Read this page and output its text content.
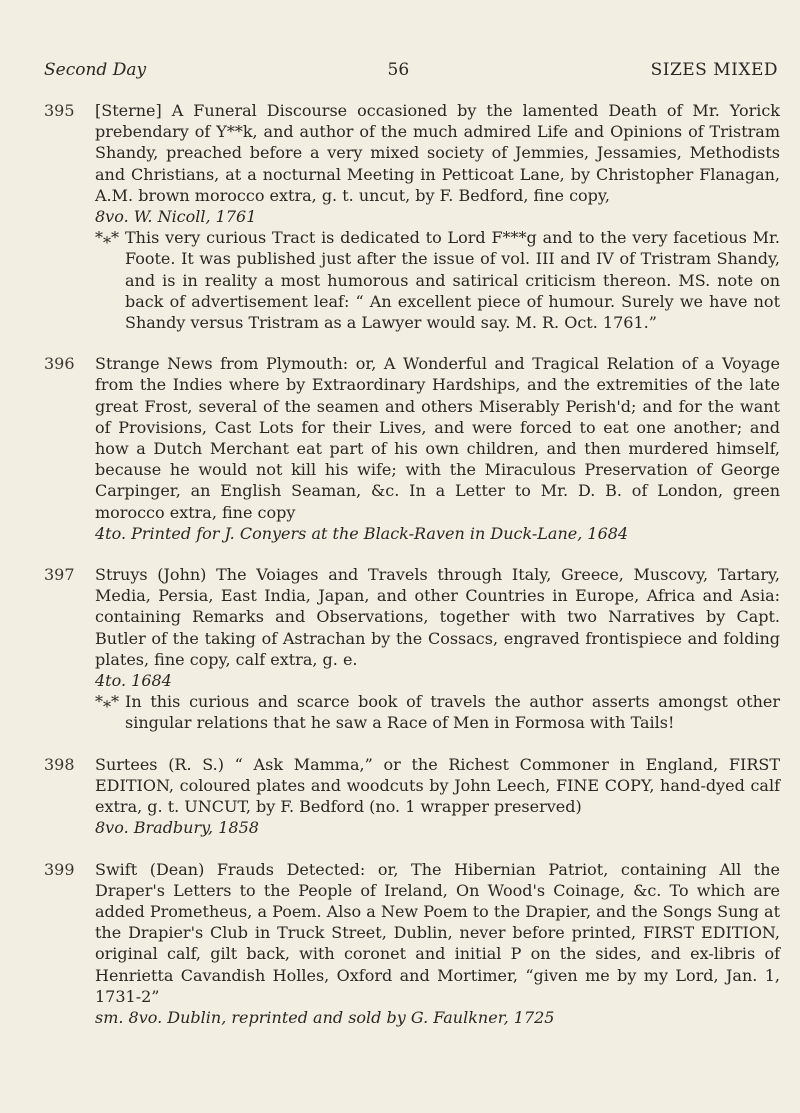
Second Day	56	SIZES MIXED
395	[Sterne] A Funeral Discourse occasioned by the lamented Death of Mr. Yorick prebendary of Y**k, and author of the much admired Life and Opinions of Tristram Shandy, preached before a very mixed society of Jemmies, Jessamies, Methodists and Christians, at a nocturnal Meeting in Petticoat Lane, by Christopher Flanagan, A.M. brown morocco extra, g. t. uncut, by F. Bedford, fine copy,

8vo. W. Nicoll, 1761

*⁎* This very curious Tract is dedicated to Lord F***g and to the very facetious Mr. Foote. It was published just after the issue of vol. III and IV of Tristram Shandy, and is in reality a most humorous and satirical criticism thereon. MS. note on back of advertisement leaf: “ An excellent piece of humour. Surely we have not Shandy versus Tristram as a Lawyer would say. M. R. Oct. 1761.”

396	Strange News from Plymouth: or, A Wonderful and Tragical Relation of a Voyage from the Indies where by Extraordinary Hardships, and the extremities of the late great Frost, several of the seamen and others Miserably Perish'd; and for the want of Provisions, Cast Lots for their Lives, and were forced to eat one another; and how a Dutch Merchant eat part of his own children, and then murdered himself, because he would not kill his wife; with the Miraculous Preservation of George Carpinger, an English Seaman, &c. In a Letter to Mr. D. B. of London, green morocco extra, fine copy

4to. Printed for J. Conyers at the Black-Raven in Duck-Lane, 1684

397	Struys (John) The Voiages and Travels through Italy, Greece, Muscovy, Tartary, Media, Persia, East India, Japan, and other Countries in Europe, Africa and Asia: containing Remarks and Observations, together with two Narratives by Capt. Butler of the taking of Astrachan by the Cossacs, engraved frontispiece and folding plates, fine copy, calf extra, g. e.

4to. 1684

*⁎* In this curious and scarce book of travels the author asserts amongst other singular relations that he saw a Race of Men in Formosa with Tails!

398	Surtees (R. S.) “ Ask Mamma,” or the Richest Commoner in England, FIRST EDITION, coloured plates and woodcuts by John Leech, FINE COPY, hand-dyed calf extra, g. t. UNCUT, by F. Bedford (no. 1 wrapper preserved)

8vo. Bradbury, 1858

399	Swift (Dean) Frauds Detected: or, The Hibernian Patriot, containing All the Draper's Letters to the People of Ireland, On Wood's Coinage, &c. To which are added Prometheus, a Poem. Also a New Poem to the Drapier, and the Songs Sung at the Drapier's Club in Truck Street, Dublin, never before printed, FIRST EDITION, original calf, gilt back, with coronet and initial P on the sides, and ex-libris of Henrietta Cavandish Holles, Oxford and Mortimer, “given me by my Lord, Jan. 1, 1731-2”

sm. 8vo. Dublin, reprinted and sold by G. Faulkner, 1725
